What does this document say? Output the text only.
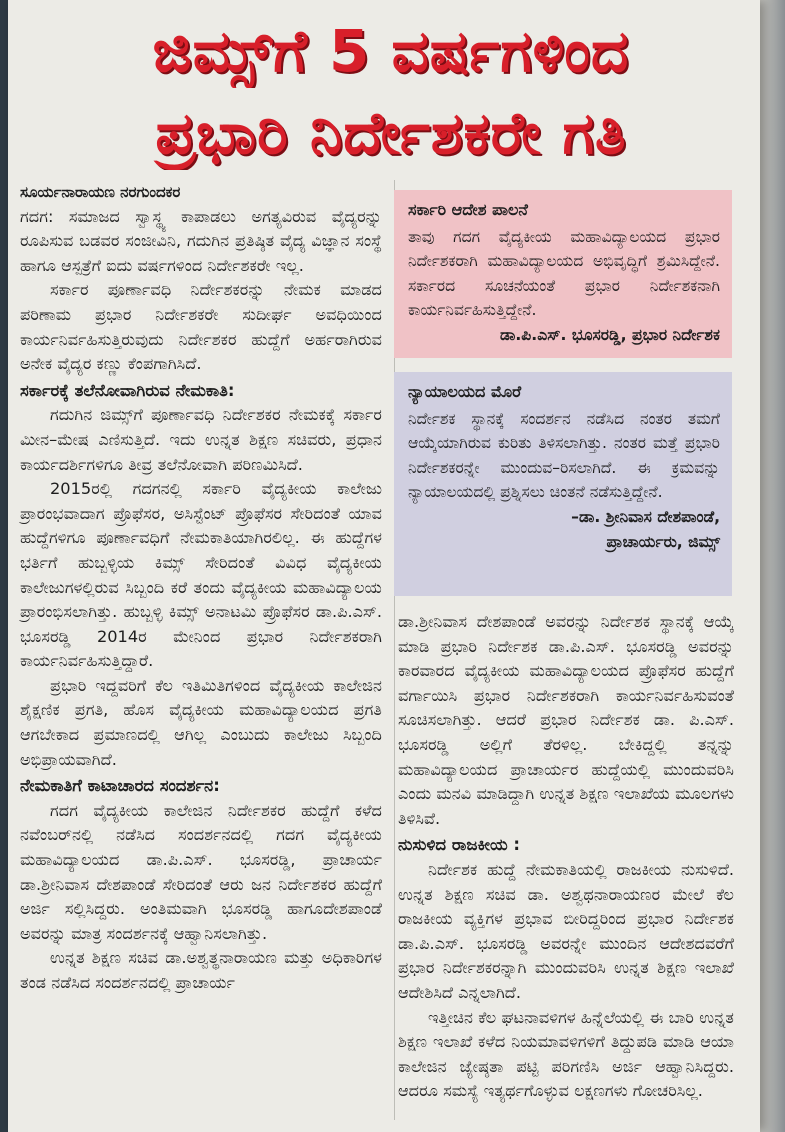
ಜಿಮ್ಸ್‌ಗೆ 5 ವರ್ಷಗಳಿಂದ
ಪ್ರಭಾರಿ ನಿರ್ದೇಶಕರೇ ಗತಿ

ಸೂರ್ಯನಾರಾಯಣ ನರಗುಂದಕರ

ಗದಗ: ಸಮಾಜದ ಸ್ವಾಸ್ಥ್ಯ ಕಾಪಾಡಲು ಅಗತ್ಯವಿರುವ ವೈದ್ಯರನ್ನು ರೂಪಿಸುವ ಬಡವರ ಸಂಜೀವಿನಿ, ಗದುಗಿನ ಪ್ರತಿಷ್ಠಿತ ವೈದ್ಯ ವಿಜ್ಞಾನ ಸಂಸ್ಥೆ ಹಾಗೂ ಆಸ್ಪತ್ರೆಗೆ ಐದು ವರ್ಷಗಳಿಂದ ನಿರ್ದೇಶಕರೇ ಇಲ್ಲ.

ಸರ್ಕಾರ ಪೂರ್ಣಾವಧಿ ನಿರ್ದೇಶಕರನ್ನು ನೇಮಕ ಮಾಡದ ಪರಿಣಾಮ ಪ್ರಭಾರ ನಿರ್ದೇಶಕರೇ ಸುದೀರ್ಘ ಅವಧಿಯಿಂದ ಕಾರ್ಯನಿರ್ವಹಿಸುತ್ತಿರುವುದು ನಿರ್ದೇಶಕರ ಹುದ್ದೆಗೆ ಅರ್ಹರಾಗಿರುವ ಅನೇಕ ವೈದ್ಯರ ಕಣ್ಣು ಕೆಂಪಗಾಗಿಸಿದೆ.

ಸರ್ಕಾರಕ್ಕೆ ತಲೆನೋವಾಗಿರುವ ನೇಮಕಾತಿ:

ಗದುಗಿನ ಜಿಮ್ಸ್‌ಗೆ ಪೂರ್ಣಾವಧಿ ನಿರ್ದೇಶಕರ ನೇಮಕಕ್ಕೆ ಸರ್ಕಾರ ಮೀನ–ಮೇಷ ಎಣಿಸುತ್ತಿದೆ. ಇದು ಉನ್ನತ ಶಿಕ್ಷಣ ಸಚಿವರು, ಪ್ರಧಾನ ಕಾರ್ಯದರ್ಶಿಗಳಿಗೂ ತೀವ್ರ ತಲೆನೋವಾಗಿ ಪರಿಣಮಿಸಿದೆ.

2015ರಲ್ಲಿ ಗದಗನಲ್ಲಿ ಸರ್ಕಾರಿ ವೈದ್ಯಕೀಯ ಕಾಲೇಜು ಪ್ರಾರಂಭವಾದಾಗ ಪ್ರೊಫೆಸರ, ಅಸಿಸ್ಟೆಂಟ್ ಪ್ರೊಫೆಸರ ಸೇರಿದಂತೆ ಯಾವ ಹುದ್ದೆಗಳಿಗೂ ಪೂರ್ಣಾವಧಿಗೆ ನೇಮಕಾತಿಯಾಗಿರಲಿಲ್ಲ. ಈ ಹುದ್ದೆಗಳ ಭರ್ತಿಗೆ ಹುಬ್ಬಳ್ಳಿಯ ಕಿಮ್ಸ್ ಸೇರಿದಂತೆ ವಿವಿಧ ವೈದ್ಯಕೀಯ ಕಾಲೇಜುಗಳಲ್ಲಿರುವ ಸಿಬ್ಬಂದಿ ಕರೆ ತಂದು ವೈದ್ಯಕೀಯ ಮಹಾವಿದ್ಯಾಲಯ ಪ್ರಾರಂಭಿಸಲಾಗಿತ್ತು. ಹುಬ್ಬಳ್ಳಿ ಕಿಮ್ಸ್ ಅನಾಟಮಿ ಪ್ರೊಫೆಸರ ಡಾ.ಪಿ.ಎಸ್. ಭೂಸರಡ್ಡಿ 2014ರ ಮೇನಿಂದ ಪ್ರಭಾರ ನಿರ್ದೇಶಕರಾಗಿ ಕಾರ್ಯನಿರ್ವಹಿಸುತ್ತಿದ್ದಾರೆ.

ಪ್ರಭಾರಿ ಇದ್ದವರಿಗೆ ಕೆಲ ಇತಿಮಿತಿಗಳಿಂದ ವೈದ್ಯಕೀಯ ಕಾಲೇಜಿನ ಶೈಕ್ಷಣಿಕ ಪ್ರಗತಿ, ಹೊಸ ವೈದ್ಯಕೀಯ ಮಹಾವಿದ್ಯಾಲಯದ ಪ್ರಗತಿ ಆಗಬೇಕಾದ ಪ್ರಮಾಣದಲ್ಲಿ ಆಗಿಲ್ಲ ಎಂಬುದು ಕಾಲೇಜು ಸಿಬ್ಬಂದಿ ಅಭಿಪ್ರಾಯವಾಗಿದೆ.

ನೇಮಕಾತಿಗೆ ಕಾಟಾಚಾರದ ಸಂದರ್ಶನ:

ಗದಗ ವೈದ್ಯಕೀಯ ಕಾಲೇಜಿನ ನಿರ್ದೇಶಕರ ಹುದ್ದೆಗೆ ಕಳೆದ ನವೆಂಬರ್‌ನಲ್ಲಿ ನಡೆಸಿದ ಸಂದರ್ಶನದಲ್ಲಿ ಗದಗ ವೈದ್ಯಕೀಯ ಮಹಾವಿದ್ಯಾಲಯದ ಡಾ.ಪಿ.ಎಸ್. ಭೂಸರಡ್ಡಿ, ಪ್ರಾಚಾರ್ಯ ಡಾ.ಶ್ರೀನಿವಾಸ ದೇಶಪಾಂಡೆ ಸೇರಿದಂತೆ ಆರು ಜನ ನಿರ್ದೇಶಕರ ಹುದ್ದೆಗೆ ಅರ್ಜಿ ಸಲ್ಲಿಸಿದ್ದರು. ಅಂತಿಮವಾಗಿ ಭೂಸರಡ್ಡಿ ಹಾಗೂದೇಶಪಾಂಡೆ ಅವರನ್ನು ಮಾತ್ರ ಸಂದರ್ಶನಕ್ಕೆ ಆಹ್ವಾನಿಸಲಾಗಿತ್ತು.

ಉನ್ನತ ಶಿಕ್ಷಣ ಸಚಿವ ಡಾ.ಅಶ್ವತ್ಥನಾರಾಯಣ ಮತ್ತು ಅಧಿಕಾರಿಗಳ ತಂಡ ನಡೆಸಿದ ಸಂದರ್ಶನದಲ್ಲಿ ಪ್ರಾಚಾರ್ಯ

ಸರ್ಕಾರಿ ಆದೇಶ ಪಾಲನೆ

ತಾವು ಗದಗ ವೈದ್ಯಕೀಯ ಮಹಾವಿದ್ಯಾಲಯದ ಪ್ರಭಾರ ನಿರ್ದೇಶಕರಾಗಿ ಮಹಾವಿದ್ಯಾಲಯದ ಅಭಿವೃದ್ಧಿಗೆ ಶ್ರಮಿಸಿದ್ದೇನೆ. ಸರ್ಕಾರದ ಸೂಚನೆಯಂತೆ ಪ್ರಭಾರ ನಿರ್ದೇಶಕನಾಗಿ ಕಾರ್ಯನಿರ್ವಹಿಸುತ್ತಿದ್ದೇನೆ.

ಡಾ.ಪಿ.ಎಸ್. ಭೂಸರಡ್ಡಿ, ಪ್ರಭಾರ ನಿರ್ದೇಶಕ

ನ್ಯಾಯಾಲಯದ ಮೊರೆ

ನಿರ್ದೇಶಕ ಸ್ಥಾನಕ್ಕೆ ಸಂದರ್ಶನ ನಡೆಸಿದ ನಂತರ ತಮಗೆ ಆಯ್ಕೆಯಾಗಿರುವ ಕುರಿತು ತಿಳಿಸಲಾಗಿತ್ತು. ನಂತರ ಮತ್ತೆ ಪ್ರಭಾರಿ ನಿರ್ದೇಶಕರನ್ನೇ ಮುಂದುವ–ರಿಸಲಾಗಿದೆ. ಈ ಕ್ರಮವನ್ನು ನ್ಯಾಯಾಲಯದಲ್ಲಿ ಪ್ರಶ್ನಿಸಲು ಚಿಂತನೆ ನಡೆಸುತ್ತಿದ್ದೇನೆ.

–ಡಾ. ಶ್ರೀನಿವಾಸ ದೇಶಪಾಂಡೆ,

ಪ್ರಾಚಾರ್ಯರು, ಜಿಮ್ಸ್

ಡಾ.ಶ್ರೀನಿವಾಸ ದೇಶಪಾಂಡೆ ಅವರನ್ನು ನಿರ್ದೇಶಕ ಸ್ಥಾನಕ್ಕೆ ಆಯ್ಕೆ ಮಾಡಿ ಪ್ರಭಾರಿ ನಿರ್ದೇಶಕ ಡಾ.ಪಿ.ಎಸ್. ಭೂಸರಡ್ಡಿ ಅವರನ್ನು ಕಾರವಾರದ ವೈದ್ಯಕೀಯ ಮಹಾವಿದ್ಯಾಲಯದ ಪ್ರೊಫೆಸರ ಹುದ್ದೆಗೆ ವರ್ಗಾಯಿಸಿ ಪ್ರಭಾರ ನಿರ್ದೇಶಕರಾಗಿ ಕಾರ್ಯನಿರ್ವಹಿಸುವಂತೆ ಸೂಚಿಸಲಾಗಿತ್ತು. ಆದರೆ ಪ್ರಭಾರ ನಿರ್ದೇಶಕ ಡಾ. ಪಿ.ಎಸ್. ಭೂಸರಡ್ಡಿ ಅಲ್ಲಿಗೆ ತೆರಳಿಲ್ಲ. ಬೇಕಿದ್ದಲ್ಲಿ ತನ್ನನ್ನು ಮಹಾವಿದ್ಯಾಲಯದ ಪ್ರಾಚಾರ್ಯರ ಹುದ್ದೆಯಲ್ಲಿ ಮುಂದುವರಿಸಿ ಎಂದು ಮನವಿ ಮಾಡಿದ್ದಾಗಿ ಉನ್ನತ ಶಿಕ್ಷಣ ಇಲಾಖೆಯ ಮೂಲಗಳು ತಿಳಿಸಿವೆ.

ನುಸುಳಿದ ರಾಜಕೀಯ :

ನಿರ್ದೇಶಕ ಹುದ್ದೆ ನೇಮಕಾತಿಯಲ್ಲಿ ರಾಜಕೀಯ ನುಸುಳಿದೆ. ಉನ್ನತ ಶಿಕ್ಷಣ ಸಚಿವ ಡಾ. ಅಶ್ವಥನಾರಾಯಣರ ಮೇಲೆ ಕೆಲ ರಾಜಕೀಯ ವ್ಯಕ್ತಿಗಳ ಪ್ರಭಾವ ಬೀರಿದ್ದರಿಂದ ಪ್ರಭಾರ ನಿರ್ದೇಶಕ ಡಾ.ಪಿ.ಎಸ್. ಭೂಸರಡ್ಡಿ ಅವರನ್ನೇ ಮುಂದಿನ ಆದೇಶದವರೆಗೆ ಪ್ರಭಾರ ನಿರ್ದೇಶಕರನ್ನಾಗಿ ಮುಂದುವರಿಸಿ ಉನ್ನತ ಶಿಕ್ಷಣ ಇಲಾಖೆ ಆದೇಶಿಸಿದೆ ಎನ್ನಲಾಗಿದೆ.

ಇತ್ತೀಚಿನ ಕೆಲ ಘಟನಾವಳಿಗಳ ಹಿನ್ನೆಲೆಯಲ್ಲಿ ಈ ಬಾರಿ ಉನ್ನತ ಶಿಕ್ಷಣ ಇಲಾಖೆ ಕಳೆದ ನಿಯಮಾವಳಿಗಳಿಗೆ ತಿದ್ದುಪಡಿ ಮಾಡಿ ಆಯಾ ಕಾಲೇಜಿನ ಜ್ಯೇಷ್ಠತಾ ಪಟ್ಟಿ ಪರಿಗಣಿಸಿ ಅರ್ಜಿ ಆಹ್ವಾನಿಸಿದ್ದರು. ಆದರೂ ಸಮಸ್ಯೆ ಇತ್ಯರ್ಥಗೊಳ್ಳುವ ಲಕ್ಷಣಗಳು ಗೋಚರಿಸಿಲ್ಲ.
